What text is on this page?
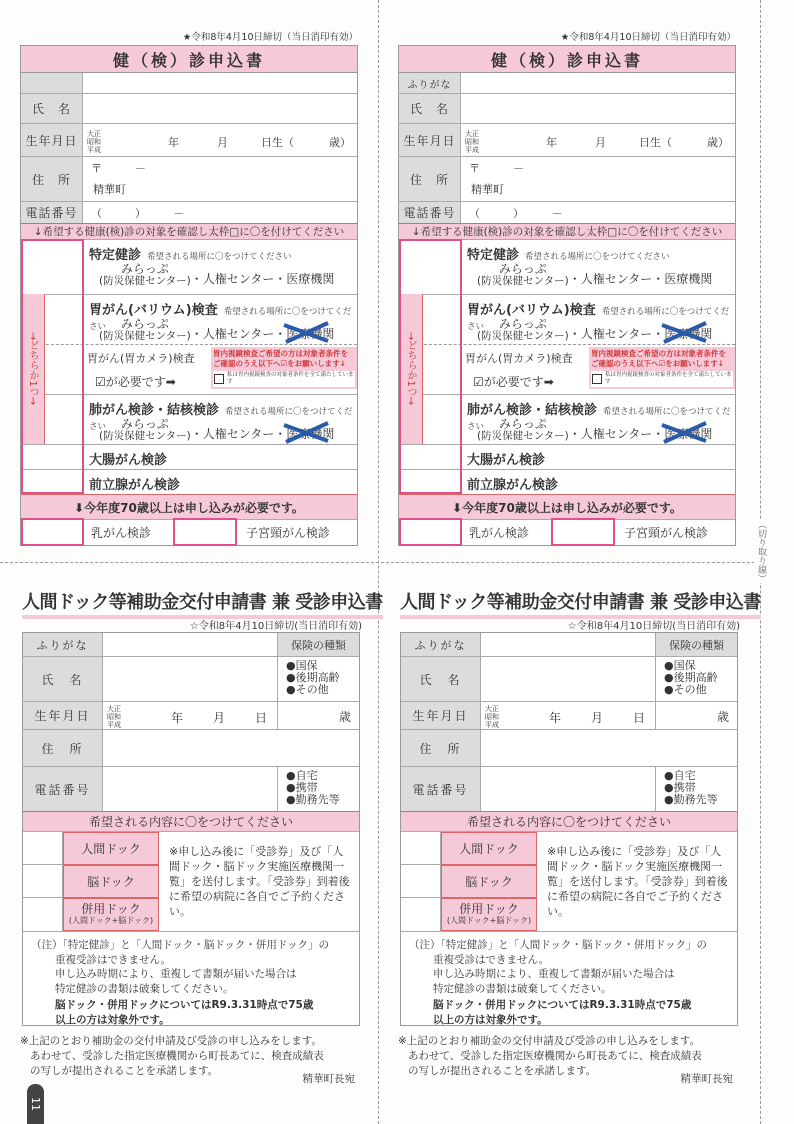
（切り取り線）
11
★令和8年4月10日締切（当日消印有効）
健（検）診申込書
氏　名
生年月日	大正
昭和
平成
年	月	日生（	歳）
住　所
〒　　　－
精華町
電話番号	（　　　）　　　－
↓希望する健康(検)診の対象を確認し太枠□に〇を付けてください
特定健診 希望される場所に〇をつけてください
みらっぷ
(防災保健センター) ・人権センター・ 医療機関
胃がん(バリウム)検査 希望される場所に〇をつけてください	みらっぷ
(防災保健センター) ・人権センター・ 医療機関
胃がん(胃カメラ)検査
☑が必要です➡
胃内視鏡検査ご希望の方は対象者条件を ご確認のうえ以下へ☑をお願いします↓
私は胃内視鏡検査の対象者条件を全て満たしています
肺がん検診・結核検診 希望される場所に〇をつけてください	みらっぷ
(防災保健センター) ・人権センター・ 医療機関
大腸がん検診
前立腺がん検診
⬇今年度70歳以上は申し込みが必要です。
乳がん検診	子宮頸がん検診
→どちらか1つ→
★令和8年4月10日締切（当日消印有効）
健（検）診申込書
ふりがな
氏　名
生年月日	大正
昭和
平成
年	月	日生（	歳）
住　所
〒　　　－
精華町
電話番号	（　　　）　　　－
↓希望する健康(検)診の対象を確認し太枠□に〇を付けてください
特定健診 希望される場所に〇をつけてください
みらっぷ
(防災保健センター) ・人権センター・ 医療機関
胃がん(バリウム)検査 希望される場所に〇をつけてください	みらっぷ
(防災保健センター) ・人権センター・ 医療機関
胃がん(胃カメラ)検査
☑が必要です➡
胃内視鏡検査ご希望の方は対象者条件を ご確認のうえ以下へ☑をお願いします↓
私は胃内視鏡検査の対象者条件を全て満たしています
肺がん検診・結核検診 希望される場所に〇をつけてください	みらっぷ
(防災保健センター) ・人権センター・ 医療機関
大腸がん検診
前立腺がん検診
⬇今年度70歳以上は申し込みが必要です。
乳がん検診	子宮頸がん検診
→どちらか1つ→
人間ドック等補助金交付申請書 兼 受診申込書
☆令和8年4月10日締切(当日消印有効)
ふりがな	保険の種類
氏　名
●国保
●後期高齢
●その他
生年月日	大正
昭和
平成	年 月 日	歳
住　所
電話番号
●自宅
●携帯
●勤務先等
希望される内容に〇をつけてください
人間ドック
脳ドック
併用ドック
(人間ドック+脳ドック)
※申し込み後に「受診券」及び「人間ドック・脳ドック実施医療機関一覧」を送付します。「受診券」到着後に希望の病院に各自でご予約ください。
（注）「特定健診」と「人間ドック・脳ドック・併用ドック」の
重複受診はできません。
申し込み時期により、重複して書類が届いた場合は
特定健診の書類は破棄してください。
脳ドック・併用ドックについてはR9.3.31時点で75歳
以上の方は対象外です。
※上記のとおり補助金の交付申請及び受診の申し込みをします。
あわせて、受診した指定医療機関から町長あてに、検査成績表
の写しが提出されることを承諾します。
精華町長宛
人間ドック等補助金交付申請書 兼 受診申込書
☆令和8年4月10日締切(当日消印有効)
ふりがな	保険の種類
氏　名
●国保
●後期高齢
●その他
生年月日	大正
昭和
平成	年 月 日	歳
住　所
電話番号
●自宅
●携帯
●勤務先等
希望される内容に〇をつけてください
人間ドック
脳ドック
併用ドック
(人間ドック+脳ドック)
※申し込み後に「受診券」及び「人間ドック・脳ドック実施医療機関一覧」を送付します。「受診券」到着後に希望の病院に各自でご予約ください。
（注）「特定健診」と「人間ドック・脳ドック・併用ドック」の
重複受診はできません。
申し込み時期により、重複して書類が届いた場合は
特定健診の書類は破棄してください。
脳ドック・併用ドックについてはR9.3.31時点で75歳
以上の方は対象外です。
※上記のとおり補助金の交付申請及び受診の申し込みをします。
あわせて、受診した指定医療機関から町長あてに、検査成績表
の写しが提出されることを承諾します。
精華町長宛
